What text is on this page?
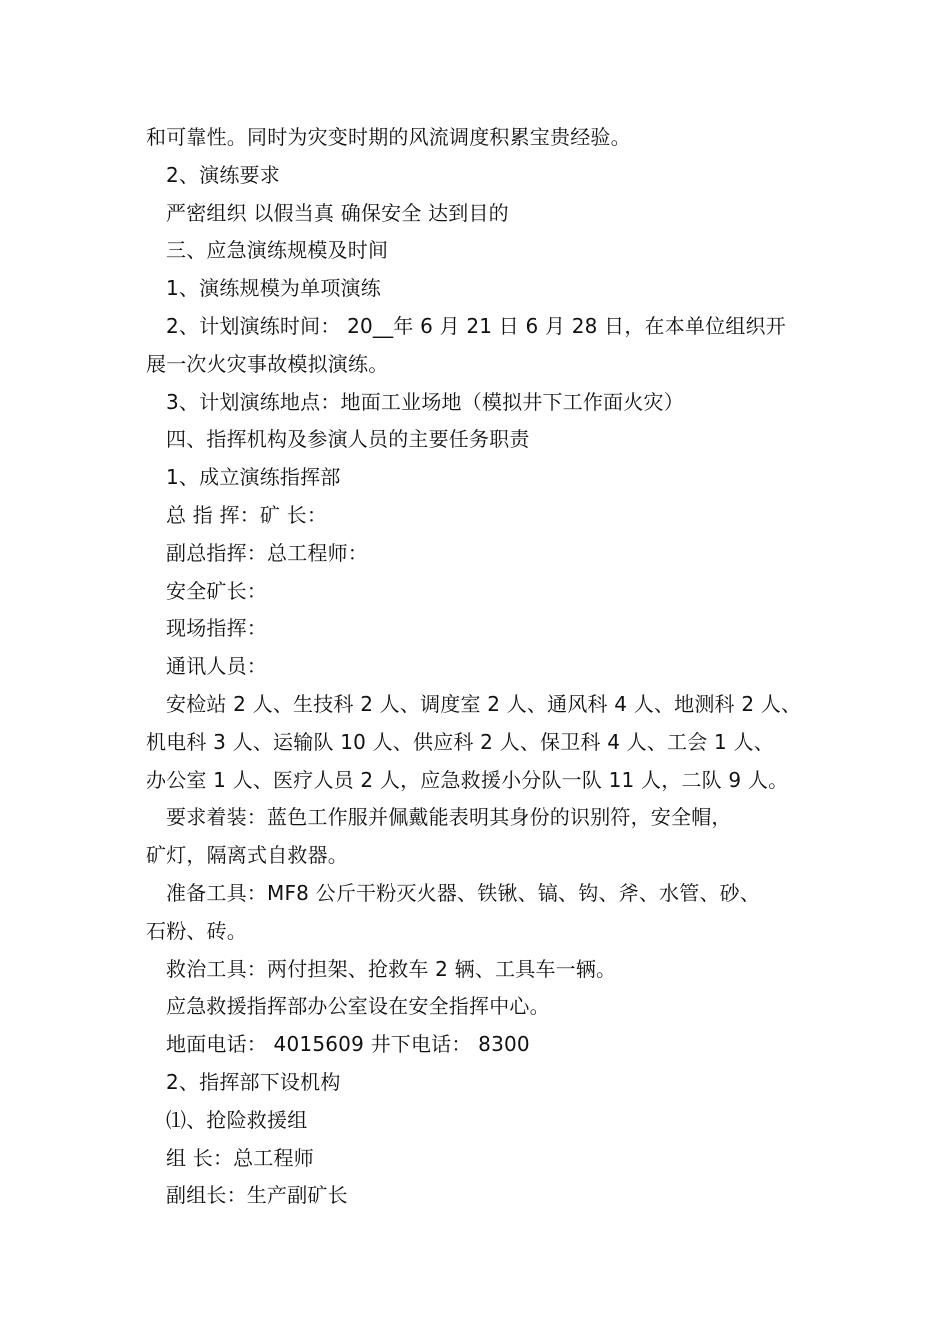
和可靠性。同时为灾变时期的风流调度积累宝贵经验。
2、演练要求
严密组织 以假当真 确保安全 达到目的
三、应急演练规模及时间
1、演练规模为单项演练
2、计划演练时间： 20__年 6 月 21 日 6 月 28 日，在本单位组织开
展一次火灾事故模拟演练。
3、计划演练地点：地面工业场地（模拟井下工作面火灾）
四、指挥机构及参演人员的主要任务职责
1、成立演练指挥部
总 指 挥：矿 长：
副总指挥：总工程师：
安全矿长：
现场指挥：
通讯人员：
安检站 2 人、生技科 2 人、调度室 2 人、通风科 4 人、地测科 2 人、
机电科 3 人、运输队 10 人、供应科 2 人、保卫科 4 人、工会 1 人、
办公室 1 人、医疗人员 2 人，应急救援小分队一队 11 人，二队 9 人。
要求着装：蓝色工作服并佩戴能表明其身份的识别符，安全帽，
矿灯，隔离式自救器。
准备工具：MF8 公斤干粉灭火器、铁锹、镐、钩、斧、水管、砂、
石粉、砖。
救治工具：两付担架、抢救车 2 辆、工具车一辆。
应急救援指挥部办公室设在安全指挥中心。
地面电话： 4015609 井下电话： 8300
2、指挥部下设机构
⑴、抢险救援组
组 长：总工程师
副组长：生产副矿长
